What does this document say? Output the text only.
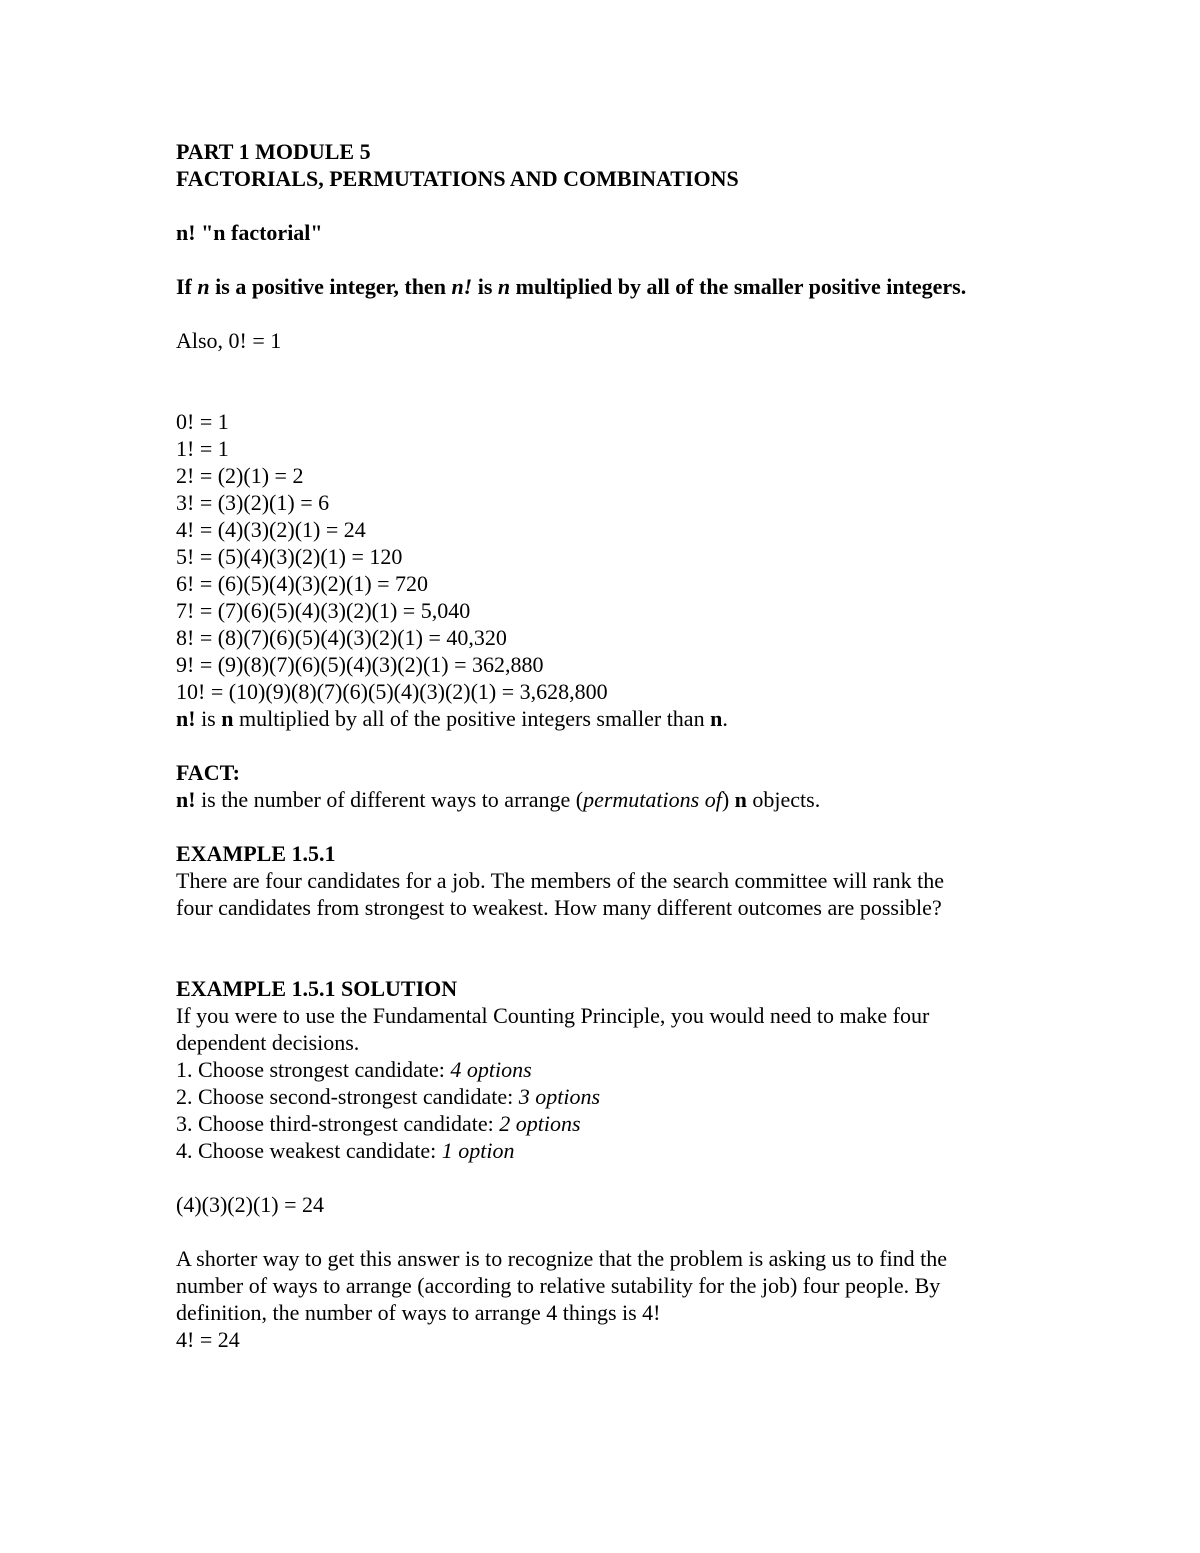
PART 1 MODULE 5
FACTORIALS, PERMUTATIONS AND COMBINATIONS
n! "n factorial"
If n is a positive integer, then n! is n multiplied by all of the smaller positive integers.
Also, 0! = 1
0! = 1
1! = 1
2! = (2)(1) = 2
3! = (3)(2)(1) = 6
4! = (4)(3)(2)(1) = 24
5! = (5)(4)(3)(2)(1) = 120
6! = (6)(5)(4)(3)(2)(1) = 720
7! = (7)(6)(5)(4)(3)(2)(1) = 5,040
8! = (8)(7)(6)(5)(4)(3)(2)(1) = 40,320
9! = (9)(8)(7)(6)(5)(4)(3)(2)(1) = 362,880
10! = (10)(9)(8)(7)(6)(5)(4)(3)(2)(1) = 3,628,800
n! is n multiplied by all of the positive integers smaller than n.
FACT:
n! is the number of different ways to arrange (permutations of) n objects.
EXAMPLE 1.5.1
There are four candidates for a job. The members of the search committee will rank the
four candidates from strongest to weakest. How many different outcomes are possible?
EXAMPLE 1.5.1 SOLUTION
If you were to use the Fundamental Counting Principle, you would need to make four
dependent decisions.
1. Choose strongest candidate: 4 options
2. Choose second-strongest candidate: 3 options
3. Choose third-strongest candidate: 2 options
4. Choose weakest candidate: 1 option
(4)(3)(2)(1) = 24
A shorter way to get this answer is to recognize that the problem is asking us to find the
number of ways to arrange (according to relative sutability for the job) four people. By
definition, the number of ways to arrange 4 things is 4!
4! = 24
